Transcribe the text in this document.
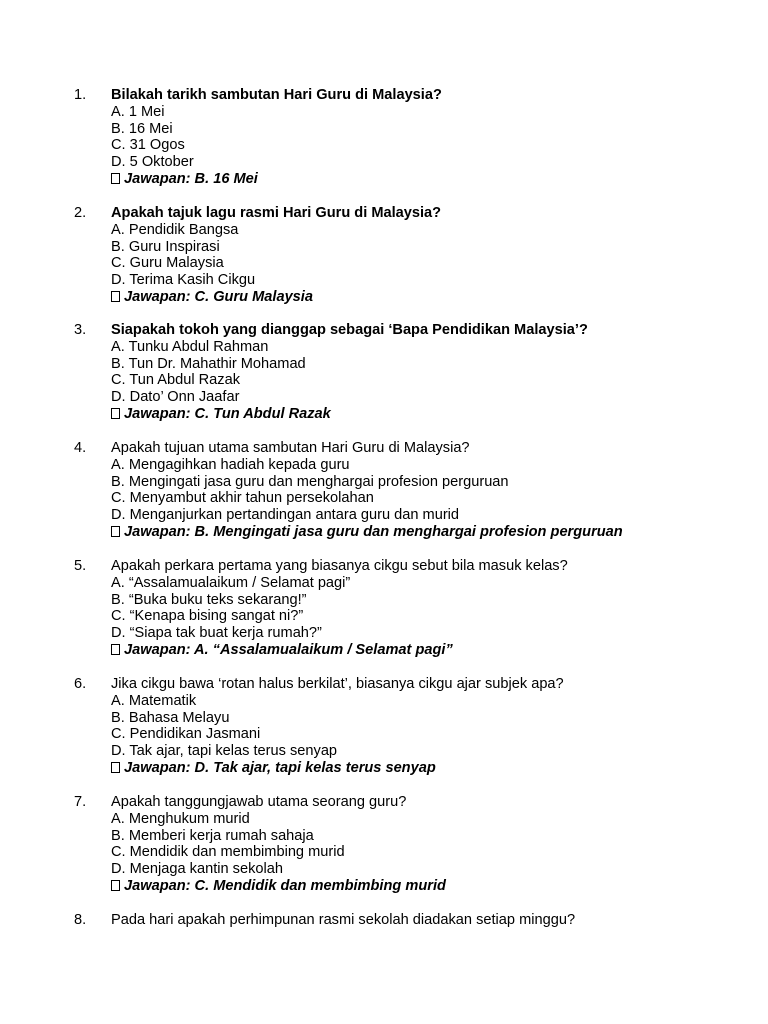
1. Bilakah tarikh sambutan Hari Guru di Malaysia?
A. 1 Mei
B. 16 Mei
C. 31 Ogos
D. 5 Oktober
Jawapan: B. 16 Mei
2. Apakah tajuk lagu rasmi Hari Guru di Malaysia?
A. Pendidik Bangsa
B. Guru Inspirasi
C. Guru Malaysia
D. Terima Kasih Cikgu
Jawapan: C. Guru Malaysia
3. Siapakah tokoh yang dianggap sebagai ‘Bapa Pendidikan Malaysia’?
A. Tunku Abdul Rahman
B. Tun Dr. Mahathir Mohamad
C. Tun Abdul Razak
D. Dato’ Onn Jaafar
Jawapan: C. Tun Abdul Razak
4. Apakah tujuan utama sambutan Hari Guru di Malaysia?
A. Mengagihkan hadiah kepada guru
B. Mengingati jasa guru dan menghargai profesion perguruan
C. Menyambut akhir tahun persekolahan
D. Menganjurkan pertandingan antara guru dan murid
Jawapan: B. Mengingati jasa guru dan menghargai profesion perguruan
5. Apakah perkara pertama yang biasanya cikgu sebut bila masuk kelas?
A. “Assalamualaikum / Selamat pagi”
B. “Buka buku teks sekarang!”
C. “Kenapa bising sangat ni?”
D. “Siapa tak buat kerja rumah?”
Jawapan: A. “Assalamualaikum / Selamat pagi”
6. Jika cikgu bawa ‘rotan halus berkilat’, biasanya cikgu ajar subjek apa?
A. Matematik
B. Bahasa Melayu
C. Pendidikan Jasmani
D. Tak ajar, tapi kelas terus senyap
Jawapan: D. Tak ajar, tapi kelas terus senyap
7. Apakah tanggungjawab utama seorang guru?
A. Menghukum murid
B. Memberi kerja rumah sahaja
C. Mendidik dan membimbing murid
D. Menjaga kantin sekolah
Jawapan: C. Mendidik dan membimbing murid
8. Pada hari apakah perhimpunan rasmi sekolah diadakan setiap minggu?
